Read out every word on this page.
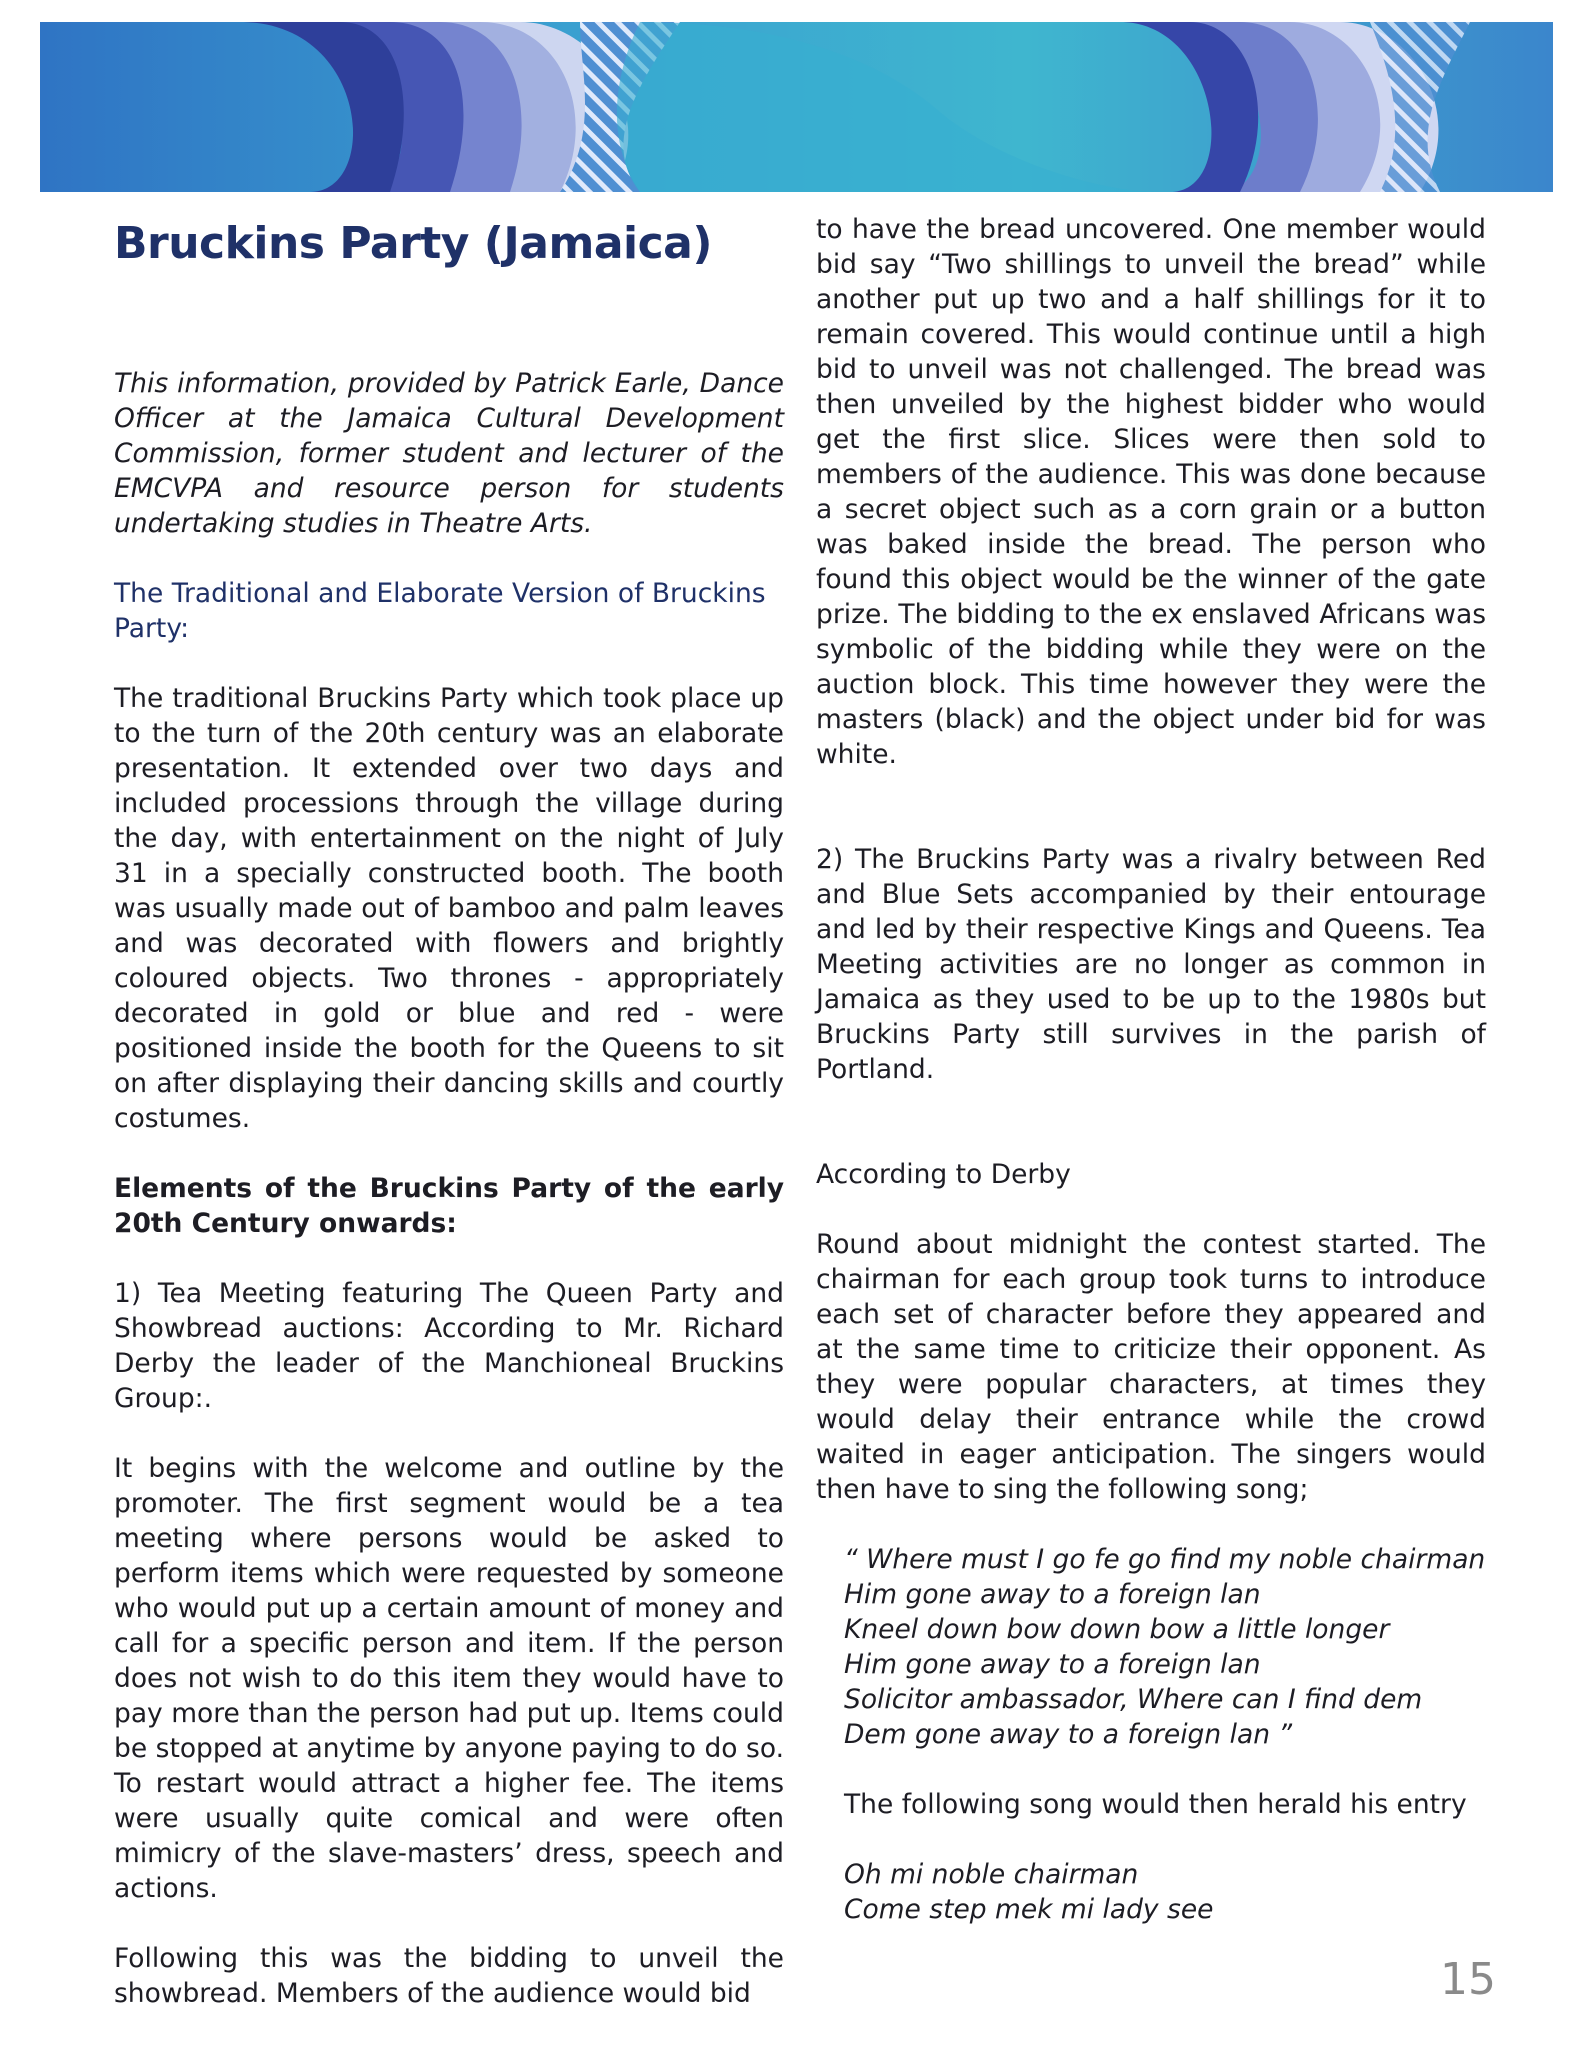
Bruckins Party (Jamaica)

This information, provided by Patrick Earle, Dance Officer at the Jamaica Cultural Development Commission, former student and lecturer of the EMCVPA and resource person for students undertaking studies in Theatre Arts.

The Traditional and Elaborate Version of Bruckins Party:

The traditional Bruckins Party which took place up to the turn of the 20th century was an elaborate presentation. It extended over two days and included processions through the village during the day, with entertainment on the night of July 31 in a specially constructed booth. The booth was usually made out of bamboo and palm leaves and was decorated with flowers and brightly coloured objects. Two thrones - appropriately decorated in gold or blue and red - were positioned inside the booth for the Queens to sit on after displaying their dancing skills and courtly costumes.

Elements of the Bruckins Party of the early 20th Century onwards:

1) Tea Meeting featuring The Queen Party and Showbread auctions: According to Mr. Richard Derby the leader of the Manchioneal Bruckins Group:.

It begins with the welcome and outline by the promoter. The first segment would be a tea meeting where persons would be asked to perform items which were requested by someone who would put up a certain amount of money and call for a specific person and item. If the person does not wish to do this item they would have to pay more than the person had put up. Items could be stopped at anytime by anyone paying to do so. To restart would attract a higher fee. The items were usually quite comical and were often mimicry of the slave-masters’ dress, speech and actions.

Following this was the bidding to unveil the showbread. Members of the audience would bid

to have the bread uncovered. One member would bid say “Two shillings to unveil the bread” while another put up two and a half shillings for it to remain covered. This would continue until a high bid to unveil was not challenged. The bread was then unveiled by the highest bidder who would get the first slice. Slices were then sold to members of the audience. This was done because a secret object such as a corn grain or a button was baked inside the bread. The person who found this object would be the winner of the gate prize. The bidding to the ex enslaved Africans was symbolic of the bidding while they were on the auction block. This time however they were the masters (black) and the object under bid for was white.

2) The Bruckins Party was a rivalry between Red and Blue Sets accompanied by their entourage and led by their respective Kings and Queens. Tea Meeting activities are no longer as common in Jamaica as they used to be up to the 1980s but Bruckins Party still survives in the parish of Portland.

According to Derby

Round about midnight the contest started. The chairman for each group took turns to introduce each set of character before they appeared and at the same time to criticize their opponent. As they were popular characters, at times they would delay their entrance while the crowd waited in eager anticipation. The singers would then have to sing the following song;

“ Where must I go fe go find my noble chairman
Him gone away to a foreign lan
Kneel down bow down bow a little longer
Him gone away to a foreign lan
Solicitor ambassador, Where can I find dem
Dem gone away to a foreign lan ”

The following song would then herald his entry

Oh mi noble chairman
Come step mek mi lady see

15
